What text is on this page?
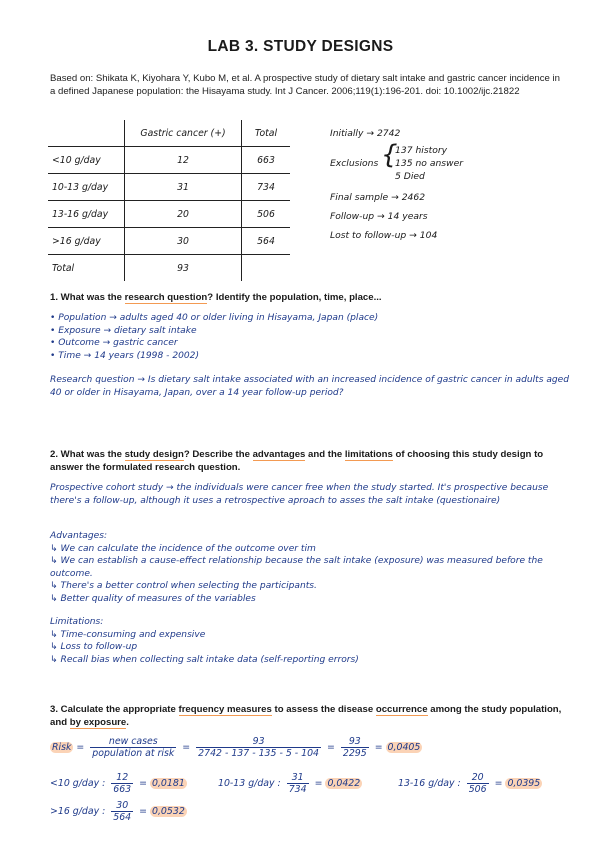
LAB 3. STUDY DESIGNS
Based on: Shikata K, Kiyohara Y, Kubo M, et al. A prospective study of dietary salt intake and gastric cancer incidence in a defined Japanese population: the Hisayama study. Int J Cancer. 2006;119(1):196-201. doi: 10.1002/ijc.21822
	Gastric cancer (+)	Total
<10 g/day	12	663
10-13 g/day	31	734
13-16 g/day	20	506
>16 g/day	30	564
Total	93	
Initially → 2742
Exclusions {
137 history
135 no answer
5 Died
Final sample → 2462
Follow-up → 14 years
Lost to follow-up → 104
1. What was the research question? Identify the population, time, place...
• Population → adults aged 40 or older living in Hisayama, Japan (place)
• Exposure → dietary salt intake
• Outcome → gastric cancer
• Time → 14 years (1998 - 2002)
Research question → Is dietary salt intake associated with an increased incidence of gastric cancer in adults aged 40 or older in Hisayama, Japan, over a 14 year follow-up period?
2. What was the study design? Describe the advantages and the limitations of choosing this study design to answer the formulated research question.
Prospective cohort study → the individuals were cancer free when the study started. It's prospective because there's a follow-up, although it uses a retrospective aproach to asses the salt intake (questionaire)
Advantages:
↳ We can calculate the incidence of the outcome over tim
↳ We can establish a cause-effect relationship because the salt intake (exposure) was measured before the outcome.
↳ There's a better control when selecting the participants.
↳ Better quality of measures of the variables
Limitations:
↳ Time-consuming and expensive
↳ Loss to follow-up
↳ Recall bias when collecting salt intake data (self-reporting errors)
3. Calculate the appropriate frequency measures to assess the disease occurrence among the study population, and by exposure.
Risk = $\frac{\text{new cases}}{\text{population at risk}} = \frac{93}{2742 - 137 - 135 - 5 - 104} = \frac{93}{2295} = 0,0405$
<10 g/day : $\frac{12}{663} = 0,0181$	10-13 g/day : $\frac{31}{734} = 0,0422$	13-16 g/day : $\frac{20}{506} = 0,0395$
>16 g/day : $\frac{30}{564} = 0,0532$
